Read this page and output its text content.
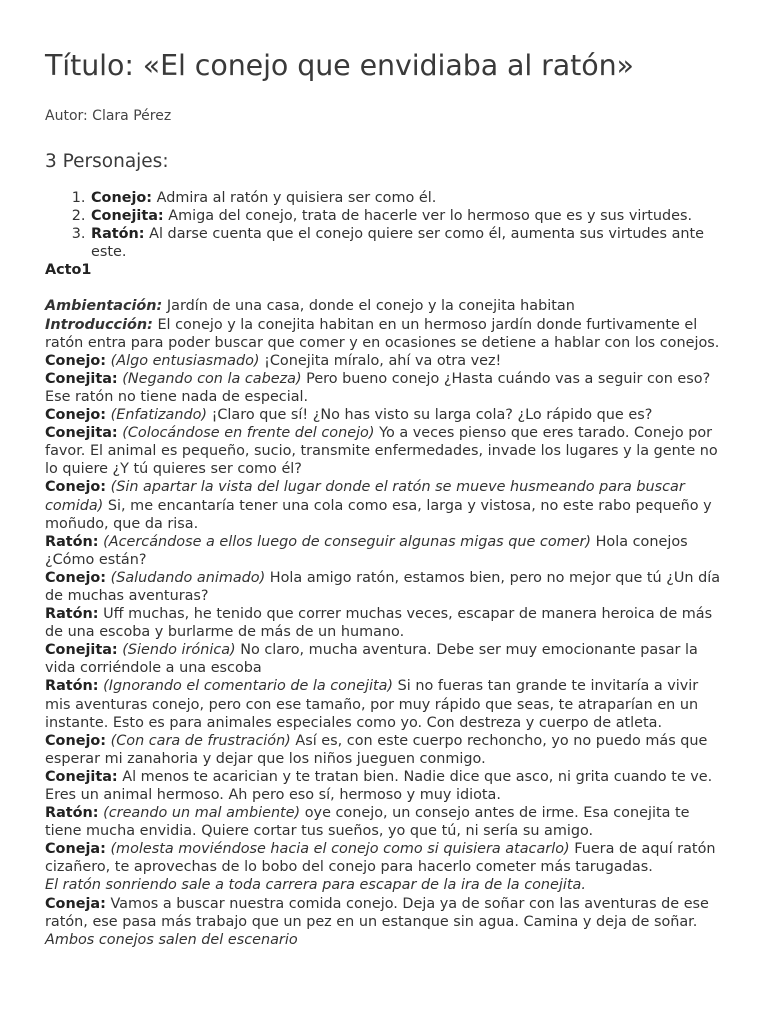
Título: «El conejo que envidiaba al ratón»
Autor: Clara Pérez
3 Personajes:
1. Conejo: Admira al ratón y quisiera ser como él.
2. Conejita: Amiga del conejo, trata de hacerle ver lo hermoso que es y sus virtudes.
3. Ratón: Al darse cuenta que el conejo quiere ser como él, aumenta sus virtudes ante este.

Acto1

Ambientación: Jardín de una casa, donde el conejo y la conejita habitan

Introducción: El conejo y la conejita habitan en un hermoso jardín donde furtivamente el ratón entra para poder buscar que comer y en ocasiones se detiene a hablar con los conejos.

Conejo: (Algo entusiasmado) ¡Conejita míralo, ahí va otra vez!

Conejita: (Negando con la cabeza) Pero bueno conejo ¿Hasta cuándo vas a seguir con eso? Ese ratón no tiene nada de especial.

Conejo: (Enfatizando) ¡Claro que sí! ¿No has visto su larga cola? ¿Lo rápido que es?

Conejita: (Colocándose en frente del conejo) Yo a veces pienso que eres tarado. Conejo por favor. El animal es pequeño, sucio, transmite enfermedades, invade los lugares y la gente no lo quiere ¿Y tú quieres ser como él?

Conejo: (Sin apartar la vista del lugar donde el ratón se mueve husmeando para buscar comida) Si, me encantaría tener una cola como esa, larga y vistosa, no este rabo pequeño y moñudo, que da risa.

Ratón: (Acercándose a ellos luego de conseguir algunas migas que comer) Hola conejos ¿Cómo están?

Conejo: (Saludando animado) Hola amigo ratón, estamos bien, pero no mejor que tú ¿Un día de muchas aventuras?

Ratón: Uff muchas, he tenido que correr muchas veces, escapar de manera heroica de más de una escoba y burlarme de más de un humano.

Conejita: (Siendo irónica) No claro, mucha aventura. Debe ser muy emocionante pasar la vida corriéndole a una escoba

Ratón: (Ignorando el comentario de la conejita) Si no fueras tan grande te invitaría a vivir mis aventuras conejo, pero con ese tamaño, por muy rápido que seas, te atraparían en un instante. Esto es para animales especiales como yo. Con destreza y cuerpo de atleta.

Conejo: (Con cara de frustración) Así es, con este cuerpo rechoncho, yo no puedo más que esperar mi zanahoria y dejar que los niños jueguen conmigo.

Conejita: Al menos te acarician y te tratan bien. Nadie dice que asco, ni grita cuando te ve. Eres un animal hermoso. Ah pero eso sí, hermoso y muy idiota.

Ratón: (creando un mal ambiente) oye conejo, un consejo antes de irme. Esa conejita te tiene mucha envidia. Quiere cortar tus sueños, yo que tú, ni sería su amigo.

Coneja: (molesta moviéndose hacia el conejo como si quisiera atacarlo) Fuera de aquí ratón cizañero, te aprovechas de lo bobo del conejo para hacerlo cometer más tarugadas.

El ratón sonriendo sale a toda carrera para escapar de la ira de la conejita.

Coneja: Vamos a buscar nuestra comida conejo. Deja ya de soñar con las aventuras de ese ratón, ese pasa más trabajo que un pez en un estanque sin agua. Camina y deja de soñar.

Ambos conejos salen del escenario
